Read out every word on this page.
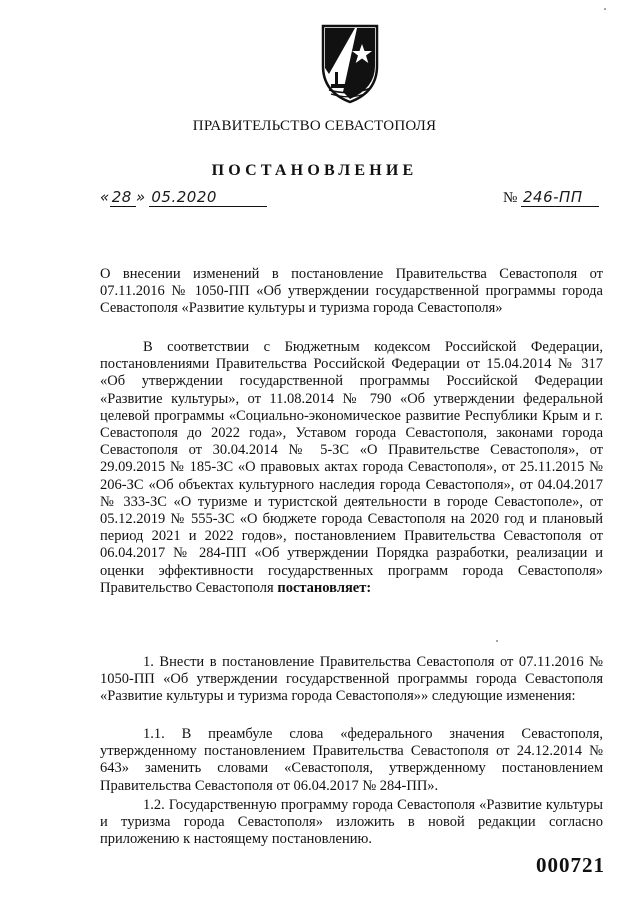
ПРАВИТЕЛЬСТВО СЕВАСТОПОЛЯ
ПОСТАНОВЛЕНИЕ
« 28 » 05.2020	№ 246-ПП
О внесении изменений в постановление Правительства Севастополя от 07.11.2016 № 1050-ПП «Об утверждении государственной программы города Севастополя «Развитие культуры и туризма города Севастополя»
В соответствии с Бюджетным кодексом Российской Федерации, постановлениями Правительства Российской Федерации от 15.04.2014 № 317 «Об утверждении государственной программы Российской Федерации «Развитие культуры», от 11.08.2014 № 790 «Об утверждении федеральной целевой программы «Социально-экономическое развитие Республики Крым и г. Севастополя до 2022 года», Уставом города Севастополя, законами города Севастополя от 30.04.2014 № 5-ЗС «О Правительстве Севастополя», от 29.09.2015 № 185-ЗС «О правовых актах города Севастополя», от 25.11.2015 № 206-ЗС «Об объектах культурного наследия города Севастополя», от 04.04.2017 № 333-ЗС «О туризме и туристской деятельности в городе Севастополе», от 05.12.2019 № 555-ЗС «О бюджете города Севастополя на 2020 год и плановый период 2021 и 2022 годов», постановлением Правительства Севастополя от 06.04.2017 № 284-ПП «Об утверждении Порядка разработки, реализации и оценки эффективности государственных программ города Севастополя» Правительство Севастополя постановляет:
1. Внести в постановление Правительства Севастополя от 07.11.2016 № 1050-ПП «Об утверждении государственной программы города Севастополя «Развитие культуры и туризма города Севастополя»» следующие изменения:
1.1. В преамбуле слова «федерального значения Севастополя, утвержденному постановлением Правительства Севастополя от 24.12.2014 № 643» заменить словами «Севастополя, утвержденному постановлением Правительства Севастополя от 06.04.2017 № 284-ПП».
1.2. Государственную программу города Севастополя «Развитие культуры и туризма города Севастополя» изложить в новой редакции согласно приложению к настоящему постановлению.
000721
